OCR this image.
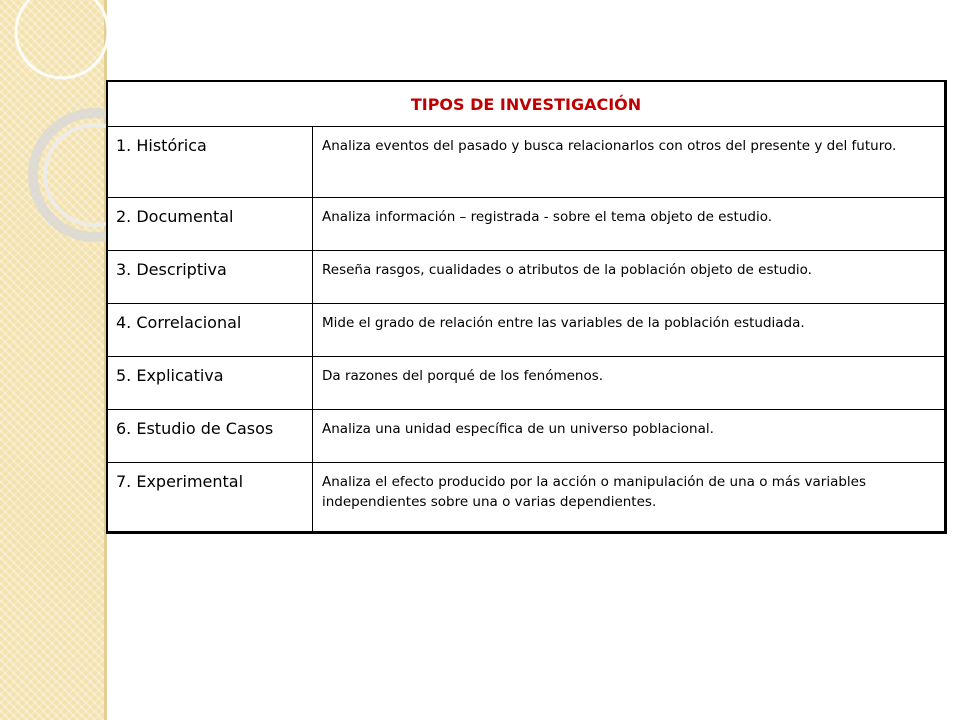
TIPOS DE INVESTIGACIÓN
1. Histórica	Analiza eventos del pasado y busca relacionarlos con otros del presente y del futuro.
2. Documental	Analiza información – registrada - sobre el tema objeto de estudio.
3. Descriptiva	Reseña rasgos, cualidades o atributos de la población objeto de estudio.
4. Correlacional	Mide el grado de relación entre las variables de la población estudiada.
5. Explicativa	Da razones del porqué de los fenómenos.
6. Estudio de Casos	Analiza una unidad específica de un universo poblacional.
7. Experimental	Analiza el efecto producido por la acción o manipulación de una o más variables independientes sobre una o varias dependientes.
